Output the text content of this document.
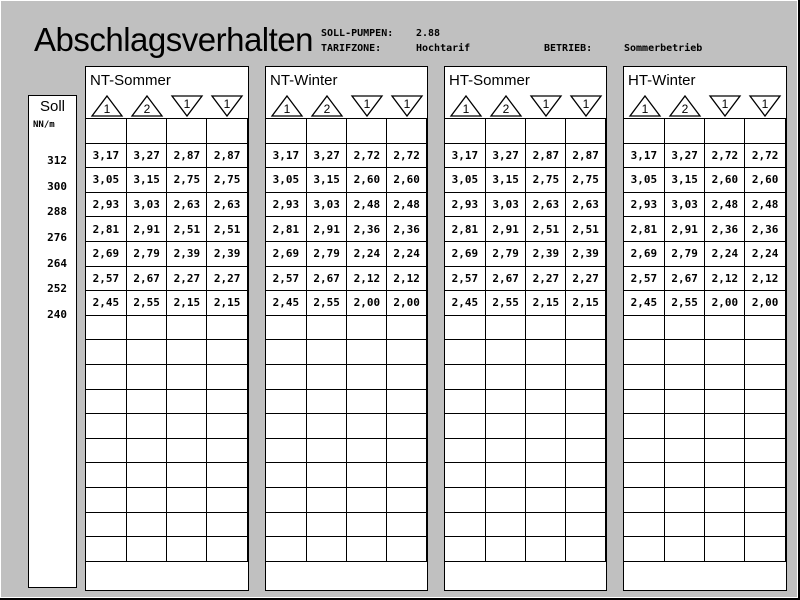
Abschlagsverhalten SOLL-PUMPEN: 2.88
TARIFZONE:	Hochtarif	BETRIEB:	Sommerbetrieb
Soll
NN/m
312
300
288
276
264
252
240
NT-Sommer
1	2	1	1

3,17	3,27	2,87	2,87
3,05	3,15	2,75	2,75
2,93	3,03	2,63	2,63
2,81	2,91	2,51	2,51
2,69	2,79	2,39	2,39
2,57	2,67	2,27	2,27
2,45	2,55	2,15	2,15

NT-Winter
1	2	1	1

3,17	3,27	2,72	2,72
3,05	3,15	2,60	2,60
2,93	3,03	2,48	2,48
2,81	2,91	2,36	2,36
2,69	2,79	2,24	2,24
2,57	2,67	2,12	2,12
2,45	2,55	2,00	2,00

HT-Sommer
1	2	1	1

3,17	3,27	2,87	2,87
3,05	3,15	2,75	2,75
2,93	3,03	2,63	2,63
2,81	2,91	2,51	2,51
2,69	2,79	2,39	2,39
2,57	2,67	2,27	2,27
2,45	2,55	2,15	2,15

HT-Winter
1	2	1	1

3,17	3,27	2,72	2,72
3,05	3,15	2,60	2,60
2,93	3,03	2,48	2,48
2,81	2,91	2,36	2,36
2,69	2,79	2,24	2,24
2,57	2,67	2,12	2,12
2,45	2,55	2,00	2,00
